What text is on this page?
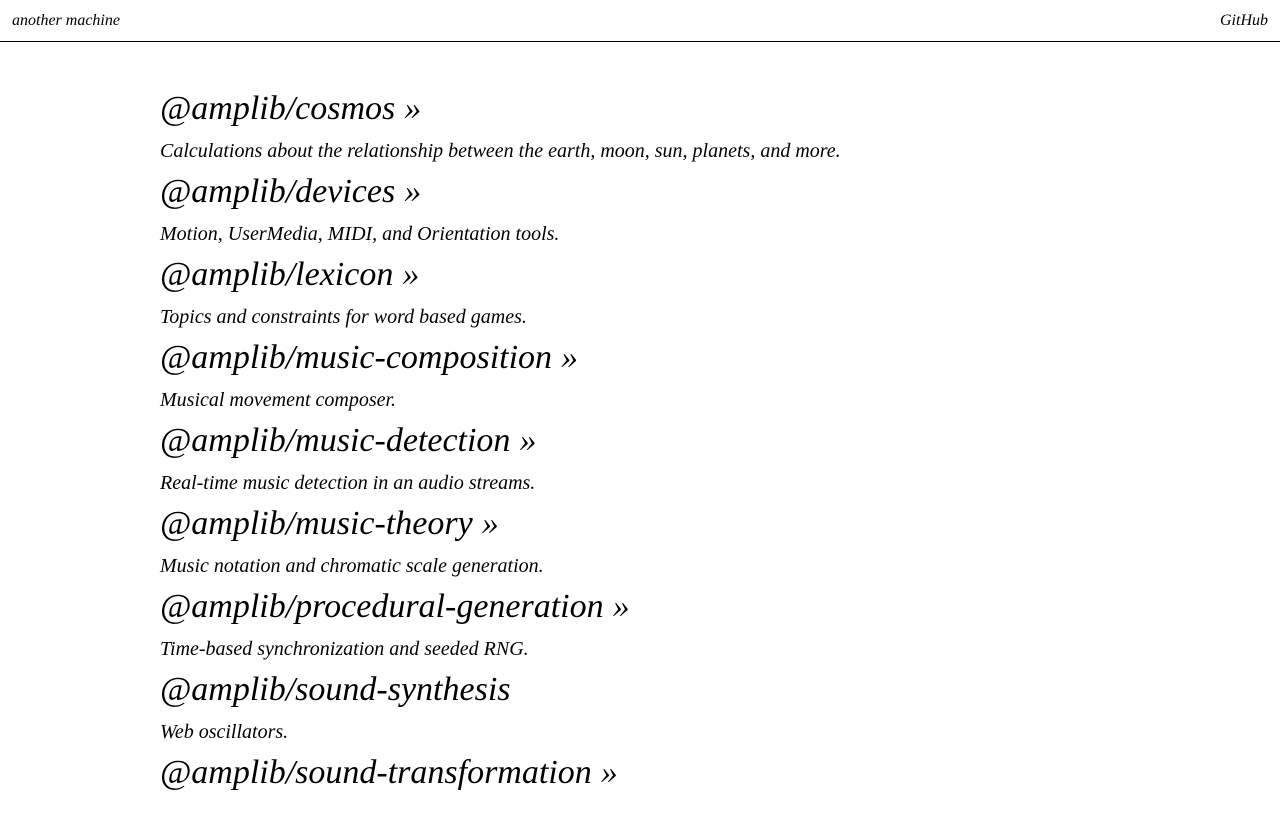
another machine	GitHub
@amplib/cosmos »
Calculations about the relationship between the earth, moon, sun, planets, and more.
@amplib/devices »
Motion, UserMedia, MIDI, and Orientation tools.
@amplib/lexicon »
Topics and constraints for word based games.
@amplib/music-composition »
Musical movement composer.
@amplib/music-detection »
Real-time music detection in an audio streams.
@amplib/music-theory »
Music notation and chromatic scale generation.
@amplib/procedural-generation »
Time-based synchronization and seeded RNG.
@amplib/sound-synthesis
Web oscillators.
@amplib/sound-transformation »
